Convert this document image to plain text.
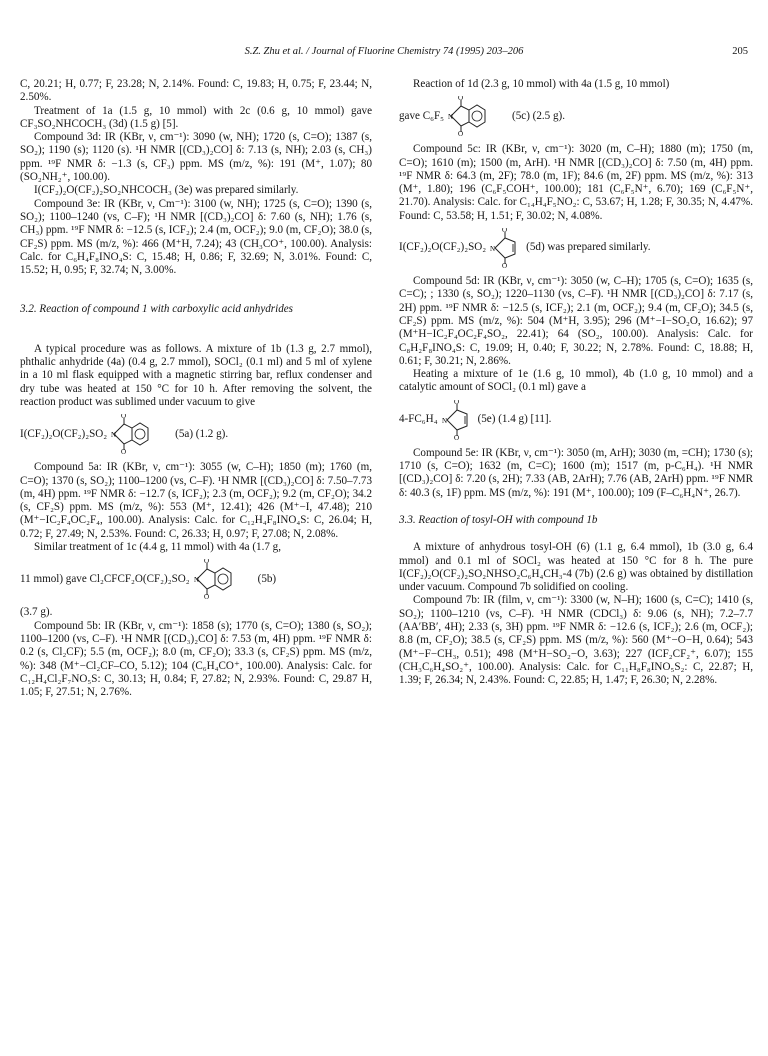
S.Z. Zhu et al. / Journal of Fluorine Chemistry 74 (1995) 203–206	205

C, 20.21; H, 0.77; F, 23.28; N, 2.14%. Found: C, 19.83; H, 0.75; F, 23.44; N, 2.50%.

Treatment of 1a (1.5 g, 10 mmol) with 2c (0.6 g, 10 mmol) gave CF₃SO₂NHCOCH₃ (3d) (1.5 g) [5].

Compound 3d: IR (KBr, ν, cm⁻¹): 3090 (w, NH); 1720 (s, C=O); 1387 (s, SO₂); 1190 (s); 1120 (s). ¹H NMR [(CD₃)₂CO] δ: 7.13 (s, NH); 2.03 (s, CH₃) ppm. ¹⁹F NMR δ: −1.3 (s, CF₃) ppm. MS (m/z, %): 191 (M⁺, 1.07); 80 (SO₂NH₂⁺, 100.00).

I(CF₂)₂O(CF₂)₂SO₂NHCOCH₃ (3e) was prepared similarly.

Compound 3e: IR (KBr, ν, Cm⁻¹): 3100 (w, NH); 1725 (s, C=O); 1390 (s, SO₂); 1100–1240 (vs, C–F); ¹H NMR [(CD₃)₂CO] δ: 7.60 (s, NH); 1.76 (s, CH₃) ppm. ¹⁹F NMR δ: −12.5 (s, ICF₂); 2.4 (m, OCF₂); 9.0 (m, CF₂O); 38.0 (s, CF₂S) ppm. MS (m/z, %): 466 (M⁺H, 7.24); 43 (CH₃CO⁺, 100.00). Analysis: Calc. for C₆H₄F₈INO₄S: C, 15.48; H, 0.86; F, 32.69; N, 3.01%. Found: C, 15.52; H, 0.95; F, 32.74; N, 3.00%.

3.2. Reaction of compound 1 with carboxylic acid anhydrides

A typical procedure was as follows. A mixture of 1b (1.3 g, 2.7 mmol), phthalic anhydride (4a) (0.4 g, 2.7 mmol), SOCl₂ (0.1 ml) and 5 ml of xylene in a 10 ml flask equipped with a magnetic stirring bar, reflux condenser and dry tube was heated at 150 °C for 10 h. After removing the solvent, the reaction product was sublimed under vacuum to give

I(CF₂)₂O(CF₂)₂SO₂
O
O
N	(5a) (1.2 g).

Compound 5a: IR (KBr, ν, cm⁻¹): 3055 (w, C–H); 1850 (m); 1760 (m, C=O); 1370 (s, SO₂); 1100–1200 (vs, C–F). ¹H NMR [(CD₃)₂CO] δ: 7.50–7.73 (m, 4H) ppm. ¹⁹F NMR δ: −12.7 (s, ICF₂); 2.3 (m, OCF₂); 9.2 (m, CF₂O); 34.2 (s, CF₂S) ppm. MS (m/z, %): 553 (M⁺, 12.41); 426 (M⁺−I, 47.48); 210 (M⁺−IC₂F₄OC₂F₄, 100.00). Analysis: Calc. for C₁₂H₄F₈INO₄S: C, 26.04; H, 0.72; F, 27.49; N, 2.53%. Found: C, 26.33; H, 0.97; F, 27.08; N, 2.08%.

Similar treatment of 1c (4.4 g, 11 mmol) with 4a (1.7 g,

11 mmol) gave Cl₂CFCF₂O(CF₂)₂SO₂
O
O
N	(5b)

(3.7 g).

Compound 5b: IR (KBr, ν, cm⁻¹): 1858 (s); 1770 (s, C=O); 1380 (s, SO₂); 1100–1200 (vs, C–F). ¹H NMR [(CD₃)₂CO] δ: 7.53 (m, 4H) ppm. ¹⁹F NMR δ: 0.2 (s, Cl₂CF); 5.5 (m, OCF₂); 8.0 (m, CF₂O); 33.3 (s, CF₂S) ppm. MS (m/z, %): 348 (M⁺−Cl₂CF–CO, 5.12); 104 (C₆H₄CO⁺, 100.00). Analysis: Calc. for C₁₂H₄Cl₂F₇NO₅S: C, 30.13; H, 0.84; F, 27.82; N, 2.93%. Found: C, 29.87 H, 1.05; F, 27.51; N, 2.76%.

Reaction of 1d (2.3 g, 10 mmol) with 4a (1.5 g, 10 mmol)

gave C₆F₅
O
O
N	(5c) (2.5 g).

Compound 5c: IR (KBr, ν, cm⁻¹): 3020 (m, C–H); 1880 (m); 1750 (m, C=O); 1610 (m); 1500 (m, ArH). ¹H NMR [(CD₃)₂CO] δ: 7.50 (m, 4H) ppm. ¹⁹F NMR δ: 64.3 (m, 2F); 78.0 (m, 1F); 84.6 (m, 2F) ppm. MS (m/z, %): 313 (M⁺, 1.80); 196 (C₆F₅COH⁺, 100.00); 181 (C₆F₅N⁺, 6.70); 169 (C₆F₅N⁺, 21.70). Analysis: Calc. for C₁₄H₄F₅NO₂: C, 53.67; H, 1.28; F, 30.35; N, 4.47%. Found: C, 53.58; H, 1.51; F, 30.02; N, 4.08%.

I(CF₂)₂O(CF₂)₂SO₂
O
O
N	(5d) was prepared similarly.

Compound 5d: IR (KBr, ν, cm⁻¹): 3050 (w, C–H); 1705 (s, C=O); 1635 (s, C=C); ; 1330 (s, SO₂); 1220–1130 (vs, C–F). ¹H NMR [(CD₃)₂CO] δ: 7.17 (s, 2H) ppm. ¹⁹F NMR δ: −12.5 (s, ICF₂); 2.1 (m, OCF₂); 9.4 (m, CF₂O); 34.5 (s, CF₂S) ppm. MS (m/z, %): 504 (M⁺H, 3.95); 296 (M⁺−I−SO₂O, 16.62); 97 (M⁺H−IC₂F₄OC₂F₄SO₂, 22.41); 64 (SO₂, 100.00). Analysis: Calc. for C₈H₂F₈INO₄S: C, 19.09; H, 0.40; F, 30.22; N, 2.78%. Found: C, 18.88; H, 0.61; F, 30.21; N, 2.86%.

Heating a mixture of 1e (1.6 g, 10 mmol), 4b (1.0 g, 10 mmol) and a catalytic amount of SOCl₂ (0.1 ml) gave a

4-FC₆H₄
O
O
N	(5e) (1.4 g) [11].

Compound 5e: IR (KBr, ν, cm⁻¹): 3050 (m, ArH); 3030 (m, =CH); 1730 (s); 1710 (s, C=O); 1632 (m, C=C); 1600 (m); 1517 (m, p-C₆H₄). ¹H NMR [(CD₃)₂CO] δ: 7.20 (s, 2H); 7.33 (AB, 2ArH); 7.76 (AB, 2ArH) ppm. ¹⁹F NMR δ: 40.3 (s, 1F) ppm. MS (m/z, %): 191 (M⁺, 100.00); 109 (F–C₆H₄N⁺, 26.7).

3.3. Reaction of tosyl-OH with compound 1b

A mixture of anhydrous tosyl-OH (6) (1.1 g, 6.4 mmol), 1b (3.0 g, 6.4 mmol) and 0.1 ml of SOCl₂ was heated at 150 °C for 8 h. The pure I(CF₂)₂O(CF₂)₂SO₂NHSO₂C₆H₄CH₃-4 (7b) (2.6 g) was obtained by distillation under vacuum. Compound 7b solidified on cooling.

Compound 7b: IR (film, ν, cm⁻¹): 3300 (w, N–H); 1600 (s, C=C); 1410 (s, SO₂); 1100–1210 (vs, C–F). ¹H NMR (CDCl₃) δ: 9.06 (s, NH); 7.2–7.7 (AA′BB′, 4H); 2.33 (s, 3H) ppm. ¹⁹F NMR δ: −12.6 (s, ICF₂); 2.6 (m, OCF₂); 8.8 (m, CF₂O); 38.5 (s, CF₂S) ppm. MS (m/z, %): 560 (M⁺−O−H, 0.64); 543 (M⁺−F−CH₃, 0.51); 498 (M⁺H−SO₂−O, 3.63); 227 (ICF₂CF₂⁺, 6.07); 155 (CH₃C₆H₄SO₂⁺, 100.00). Analysis: Calc. for C₁₁H₈F₈INO₅S₂: C, 22.87; H, 1.39; F, 26.34; N, 2.43%. Found: C, 22.85; H, 1.47; F, 26.30; N, 2.28%.
